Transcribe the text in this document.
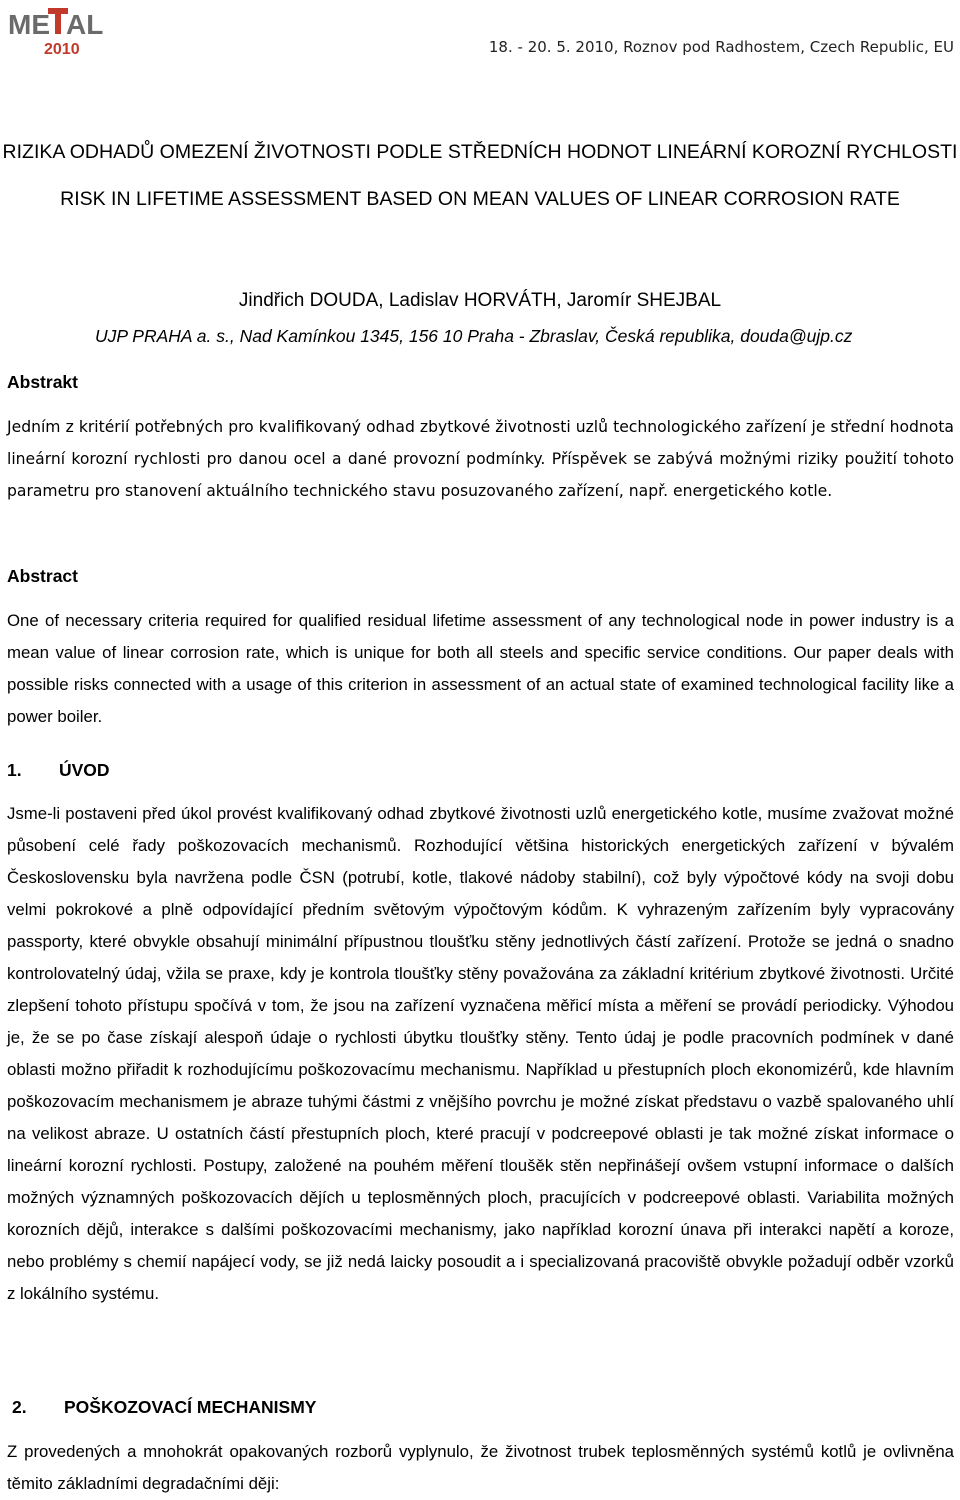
ME AL
2010	18. - 20. 5. 2010, Roznov pod Radhostem, Czech Republic, EU
RIZIKA ODHADŮ OMEZENÍ ŽIVOTNOSTI PODLE STŘEDNÍCH HODNOT LINEÁRNÍ KOROZNÍ RYCHLOSTI
RISK IN LIFETIME ASSESSMENT BASED ON MEAN VALUES OF LINEAR CORROSION RATE
Jindřich DOUDA, Ladislav HORVÁTH, Jaromír SHEJBAL
UJP PRAHA a. s., Nad Kamínkou 1345, 156 10 Praha - Zbraslav, Česká republika, douda@ujp.cz
Abstrakt

Jedním z kritérií potřebných pro kvalifikovaný odhad zbytkové životnosti uzlů technologického zařízení je střední hodnota lineární korozní rychlosti pro danou ocel a dané provozní podmínky. Příspěvek se zabývá možnými riziky použití tohoto parametru pro stanovení aktuálního technického stavu posuzovaného zařízení, např. energetického kotle.

Abstract

One of necessary criteria required for qualified residual lifetime assessment of any technological node in power industry is a mean value of linear corrosion rate, which is unique for both all steels and specific service conditions. Our paper deals with possible risks connected with a usage of this criterion in assessment of an actual state of examined technological facility like a power boiler.

1. ÚVOD

Jsme-li postaveni před úkol provést kvalifikovaný odhad zbytkové životnosti uzlů energetického kotle, musíme zvažovat možné působení celé řady poškozovacích mechanismů. Rozhodující většina historických energetických zařízení v bývalém Československu byla navržena podle ČSN (potrubí, kotle, tlakové nádoby stabilní), což byly výpočtové kódy na svoji dobu velmi pokrokové a plně odpovídající předním světovým výpočtovým kódům. K vyhrazeným zařízením byly vypracovány passporty, které obvykle obsahují minimální přípustnou tloušťku stěny jednotlivých částí zařízení. Protože se jedná o snadno kontrolovatelný údaj, vžila se praxe, kdy je kontrola tloušťky stěny považována za základní kritérium zbytkové životnosti. Určité zlepšení tohoto přístupu spočívá v tom, že jsou na zařízení vyznačena měřicí místa a měření se provádí periodicky. Výhodou je, že se po čase získají alespoň údaje o rychlosti úbytku tloušťky stěny. Tento údaj je podle pracovních podmínek v dané oblasti možno přiřadit k rozhodujícímu poškozovacímu mechanismu. Například u přestupních ploch ekonomizérů, kde hlavním poškozovacím mechanismem je abraze tuhými částmi z vnějšího povrchu je možné získat představu o vazbě spalovaného uhlí na velikost abraze. U ostatních částí přestupních ploch, které pracují v podcreepové oblasti je tak možné získat informace o lineární korozní rychlosti. Postupy, založené na pouhém měření tloušěk stěn nepřinášejí ovšem vstupní informace o dalších možných významných poškozovacích dějích u teplosměnných ploch, pracujících v podcreepové oblasti. Variabilita možných korozních dějů, interakce s dalšími poškozovacími mechanismy, jako například korozní únava při interakci napětí a koroze, nebo problémy s chemií napájecí vody, se již nedá laicky posoudit a i specializovaná pracoviště obvykle požadují odběr vzorků z lokálního systému.

2. POŠKOZOVACÍ MECHANISMY

Z provedených a mnohokrát opakovaných rozborů vyplynulo, že životnost trubek teplosměnných systémů kotlů je ovlivněna těmito základními degradačními ději:
